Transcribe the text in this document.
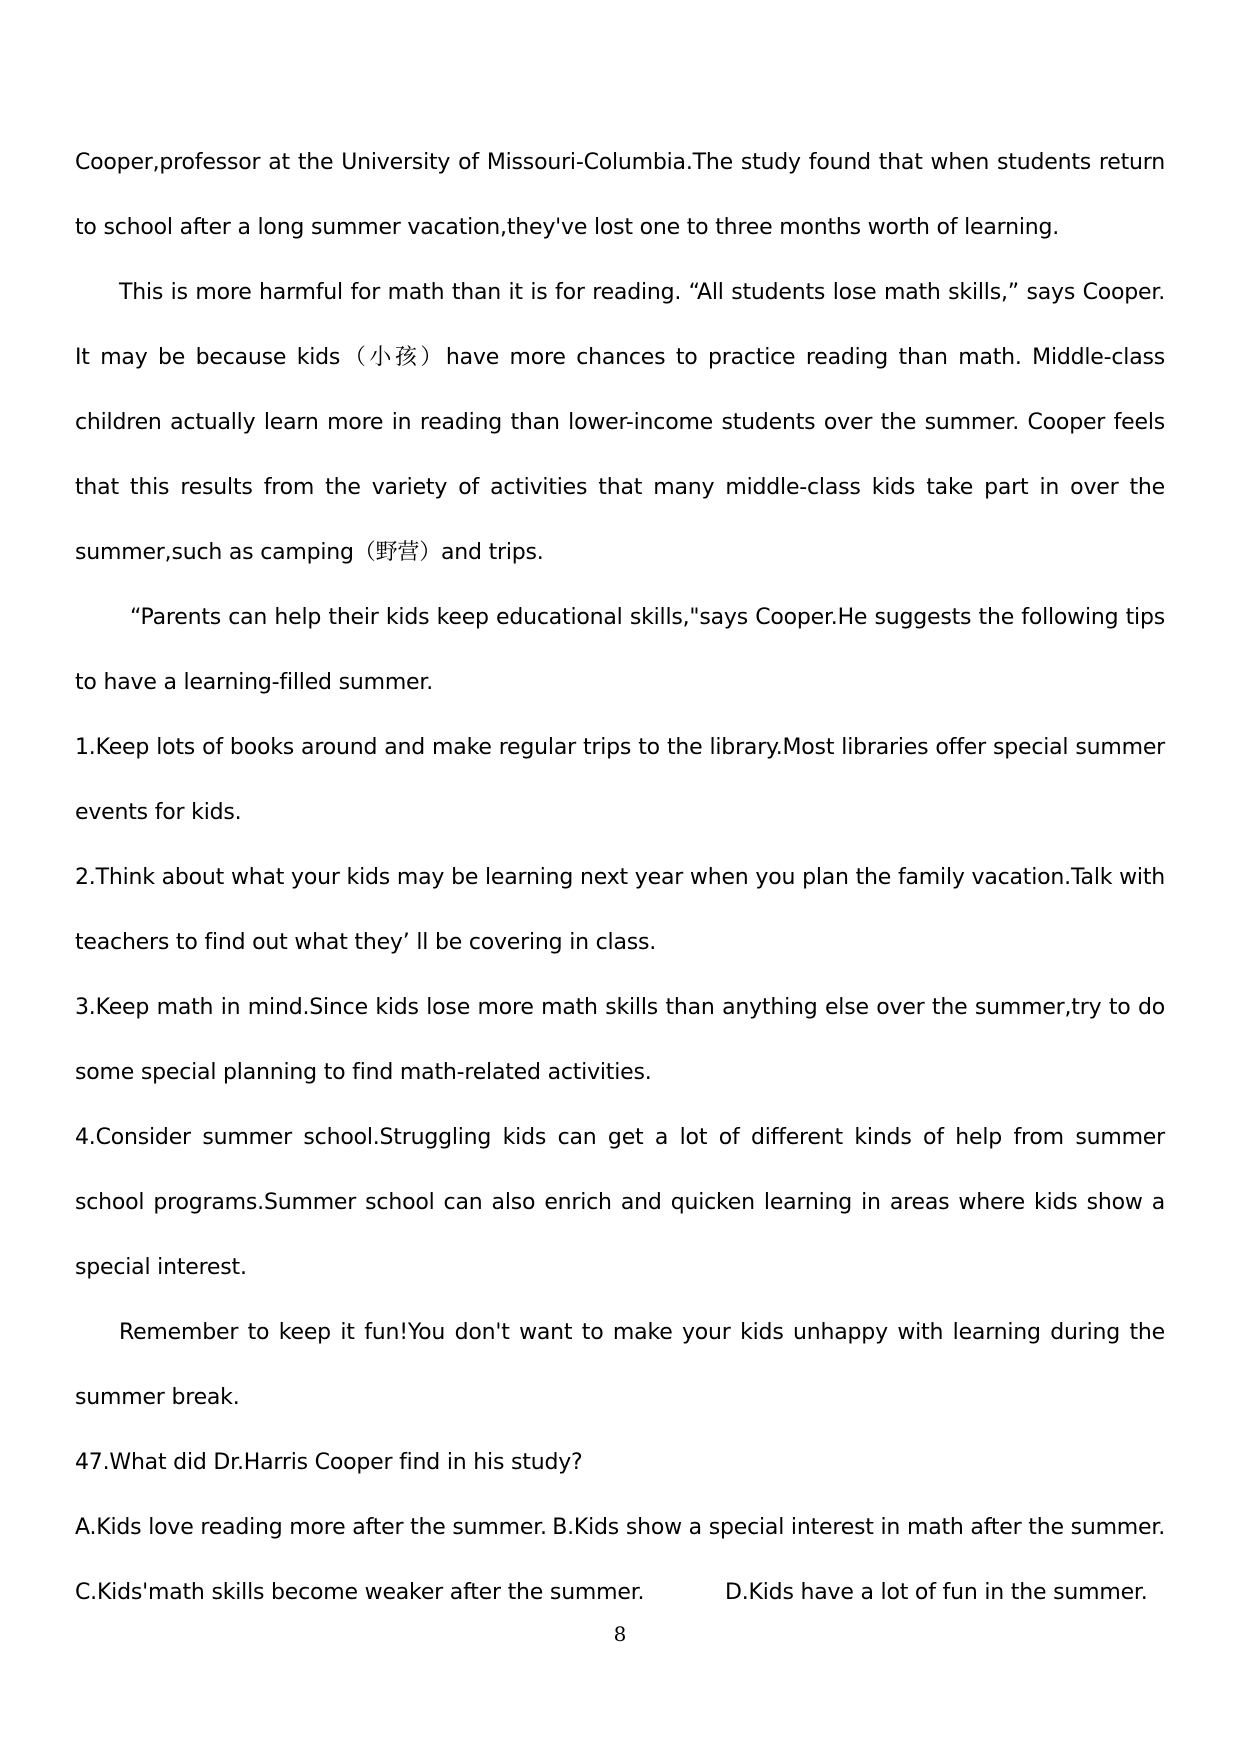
Cooper,professor at the University of Missouri-Columbia.The study found that when students return to school after a long summer vacation,they've lost one to three months worth of learning.

This is more harmful for math than it is for reading. “All students lose math skills,” says Cooper. It may be because kids（小孩）have more chances to practice reading than math. Middle-class children actually learn more in reading than lower-income students over the summer. Cooper feels that this results from the variety of activities that many middle-class kids take part in over the summer,such as camping（野营）and trips.

“Parents can help their kids keep educational skills,"says Cooper.He suggests the following tips to have a learning-filled summer.

1.Keep lots of books around and make regular trips to the library.Most libraries offer special summer events for kids.

2.Think about what your kids may be learning next year when you plan the family vacation.Talk with teachers to find out what they’ ll be covering in class.

3.Keep math in mind.Since kids lose more math skills than anything else over the summer,try to do some special planning to find math-related activities.

4.Consider summer school.Struggling kids can get a lot of different kinds of help from summer school programs.Summer school can also enrich and quicken learning in areas where kids show a special interest.

Remember to keep it fun!You don't want to make your kids unhappy with learning during the summer break.

47.What did Dr.Harris Cooper find in his study?

A.Kids love reading more after the summer. B.Kids show a special interest in math after the summer.
C.Kids'math skills become weaker after the summer.	D.Kids have a lot of fun in the summer.
8
